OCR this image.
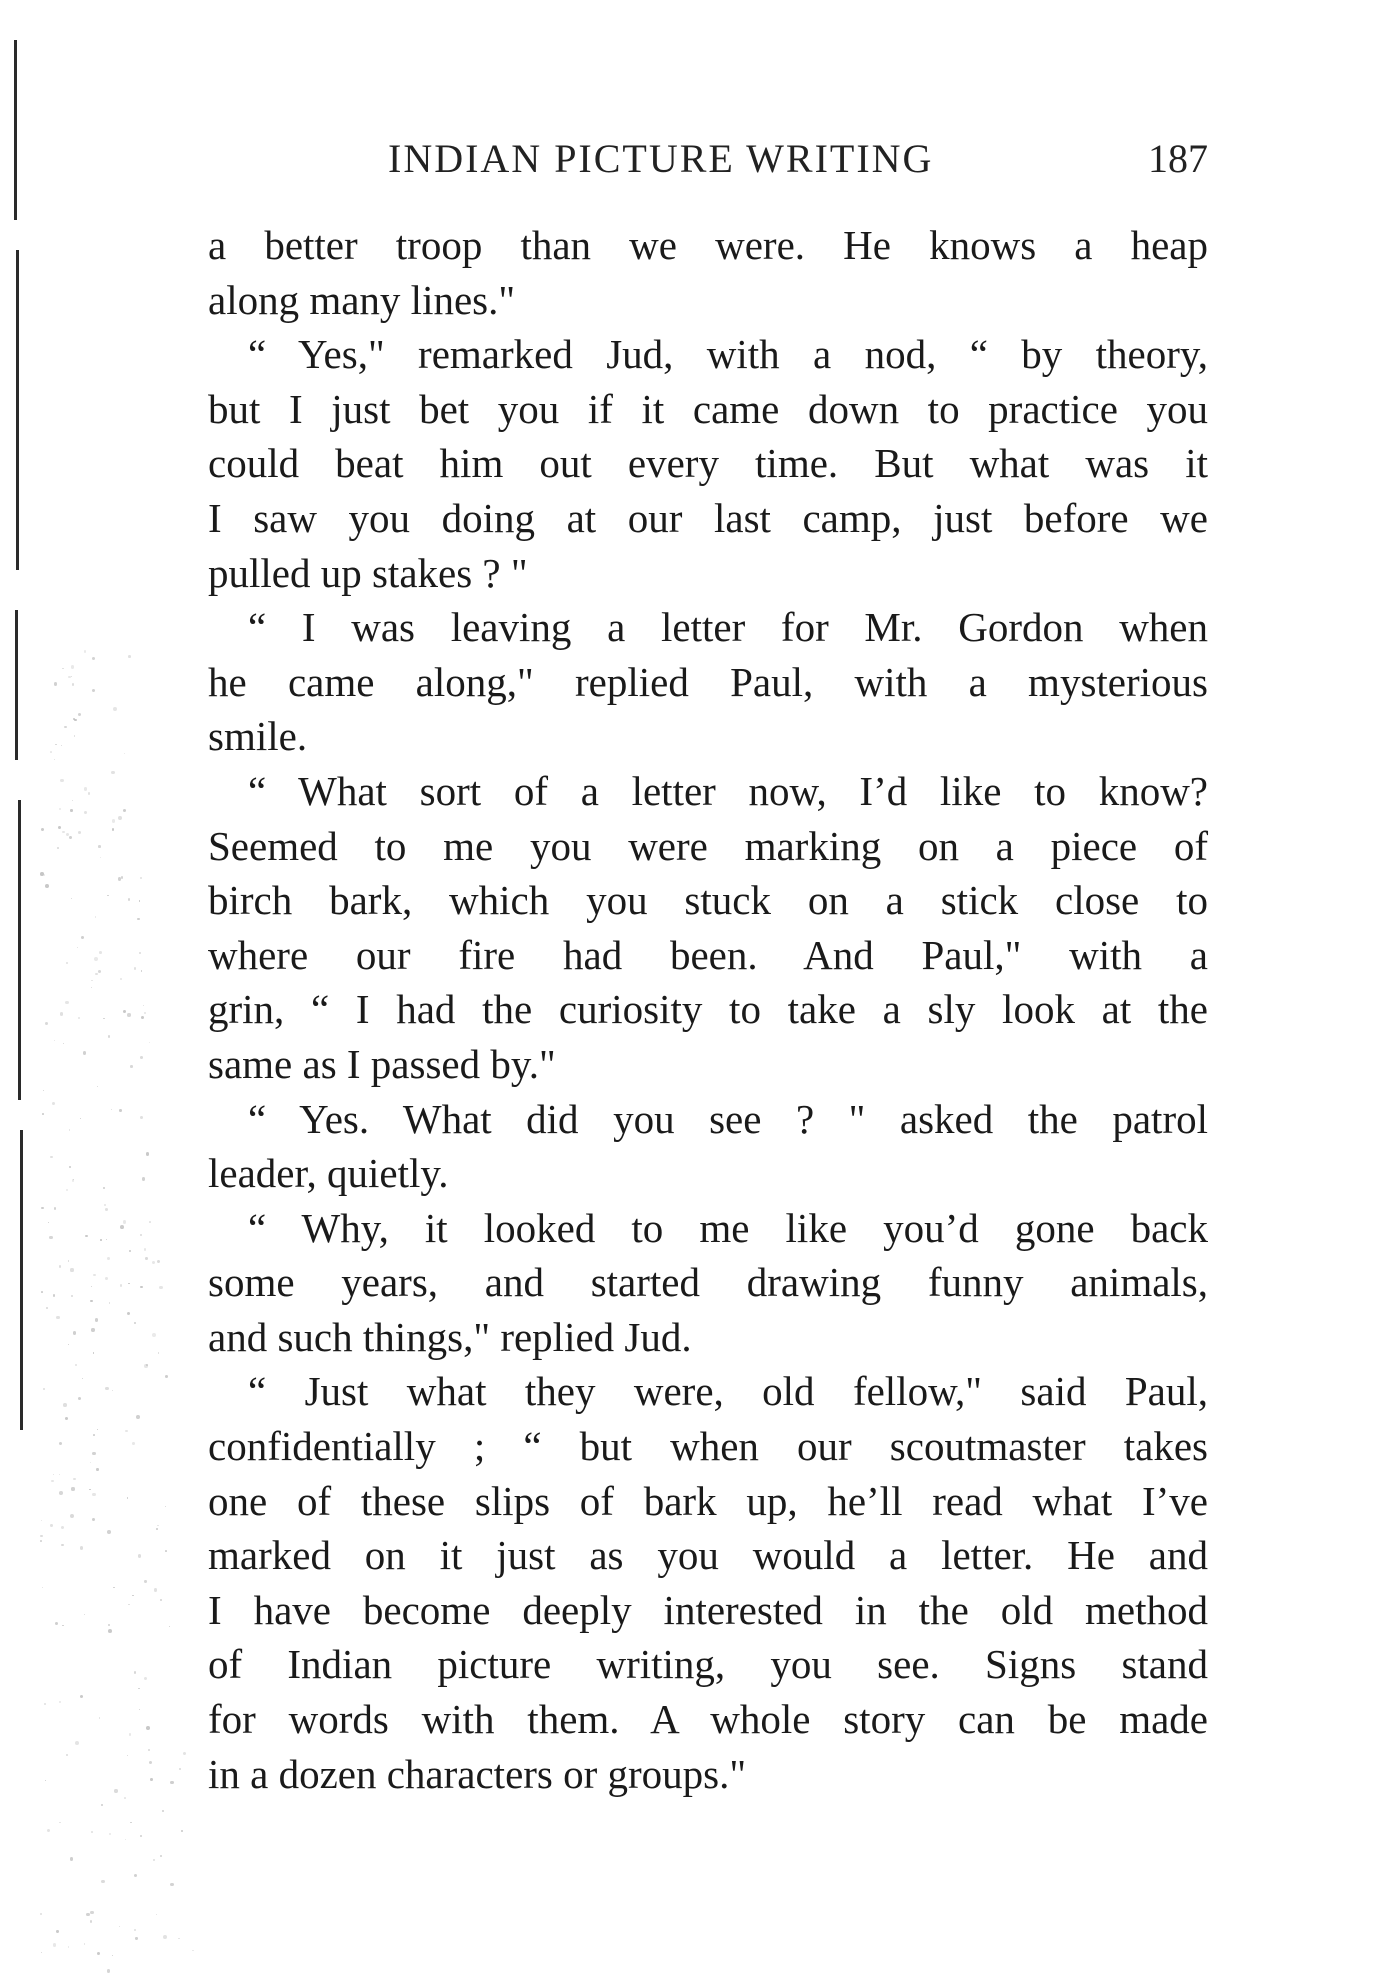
INDIAN PICTURE WRITING	187
a better troop than we were. He knows a heap
along many lines."
“ Yes," remarked Jud, with a nod, “ by theory,
but I just bet you if it came down to practice you
could beat him out every time. But what was it
I saw you doing at our last camp, just before we
pulled up stakes ? "
“ I was leaving a letter for Mr. Gordon when
he came along," replied Paul, with a mysterious
smile.
“ What sort of a letter now, I’d like to know?
Seemed to me you were marking on a piece of
birch bark, which you stuck on a stick close to
where our fire had been. And Paul," with a
grin, “ I had the curiosity to take a sly look at the
same as I passed by."
“ Yes. What did you see ? " asked the patrol
leader, quietly.
“ Why, it looked to me like you’d gone back
some years, and started drawing funny animals,
and such things," replied Jud.
“ Just what they were, old fellow," said Paul,
confidentially ; “ but when our scoutmaster takes
one of these slips of bark up, he’ll read what I’ve
marked on it just as you would a letter. He and
I have become deeply interested in the old method
of Indian picture writing, you see. Signs stand
for words with them. A whole story can be made
in a dozen characters or groups."
